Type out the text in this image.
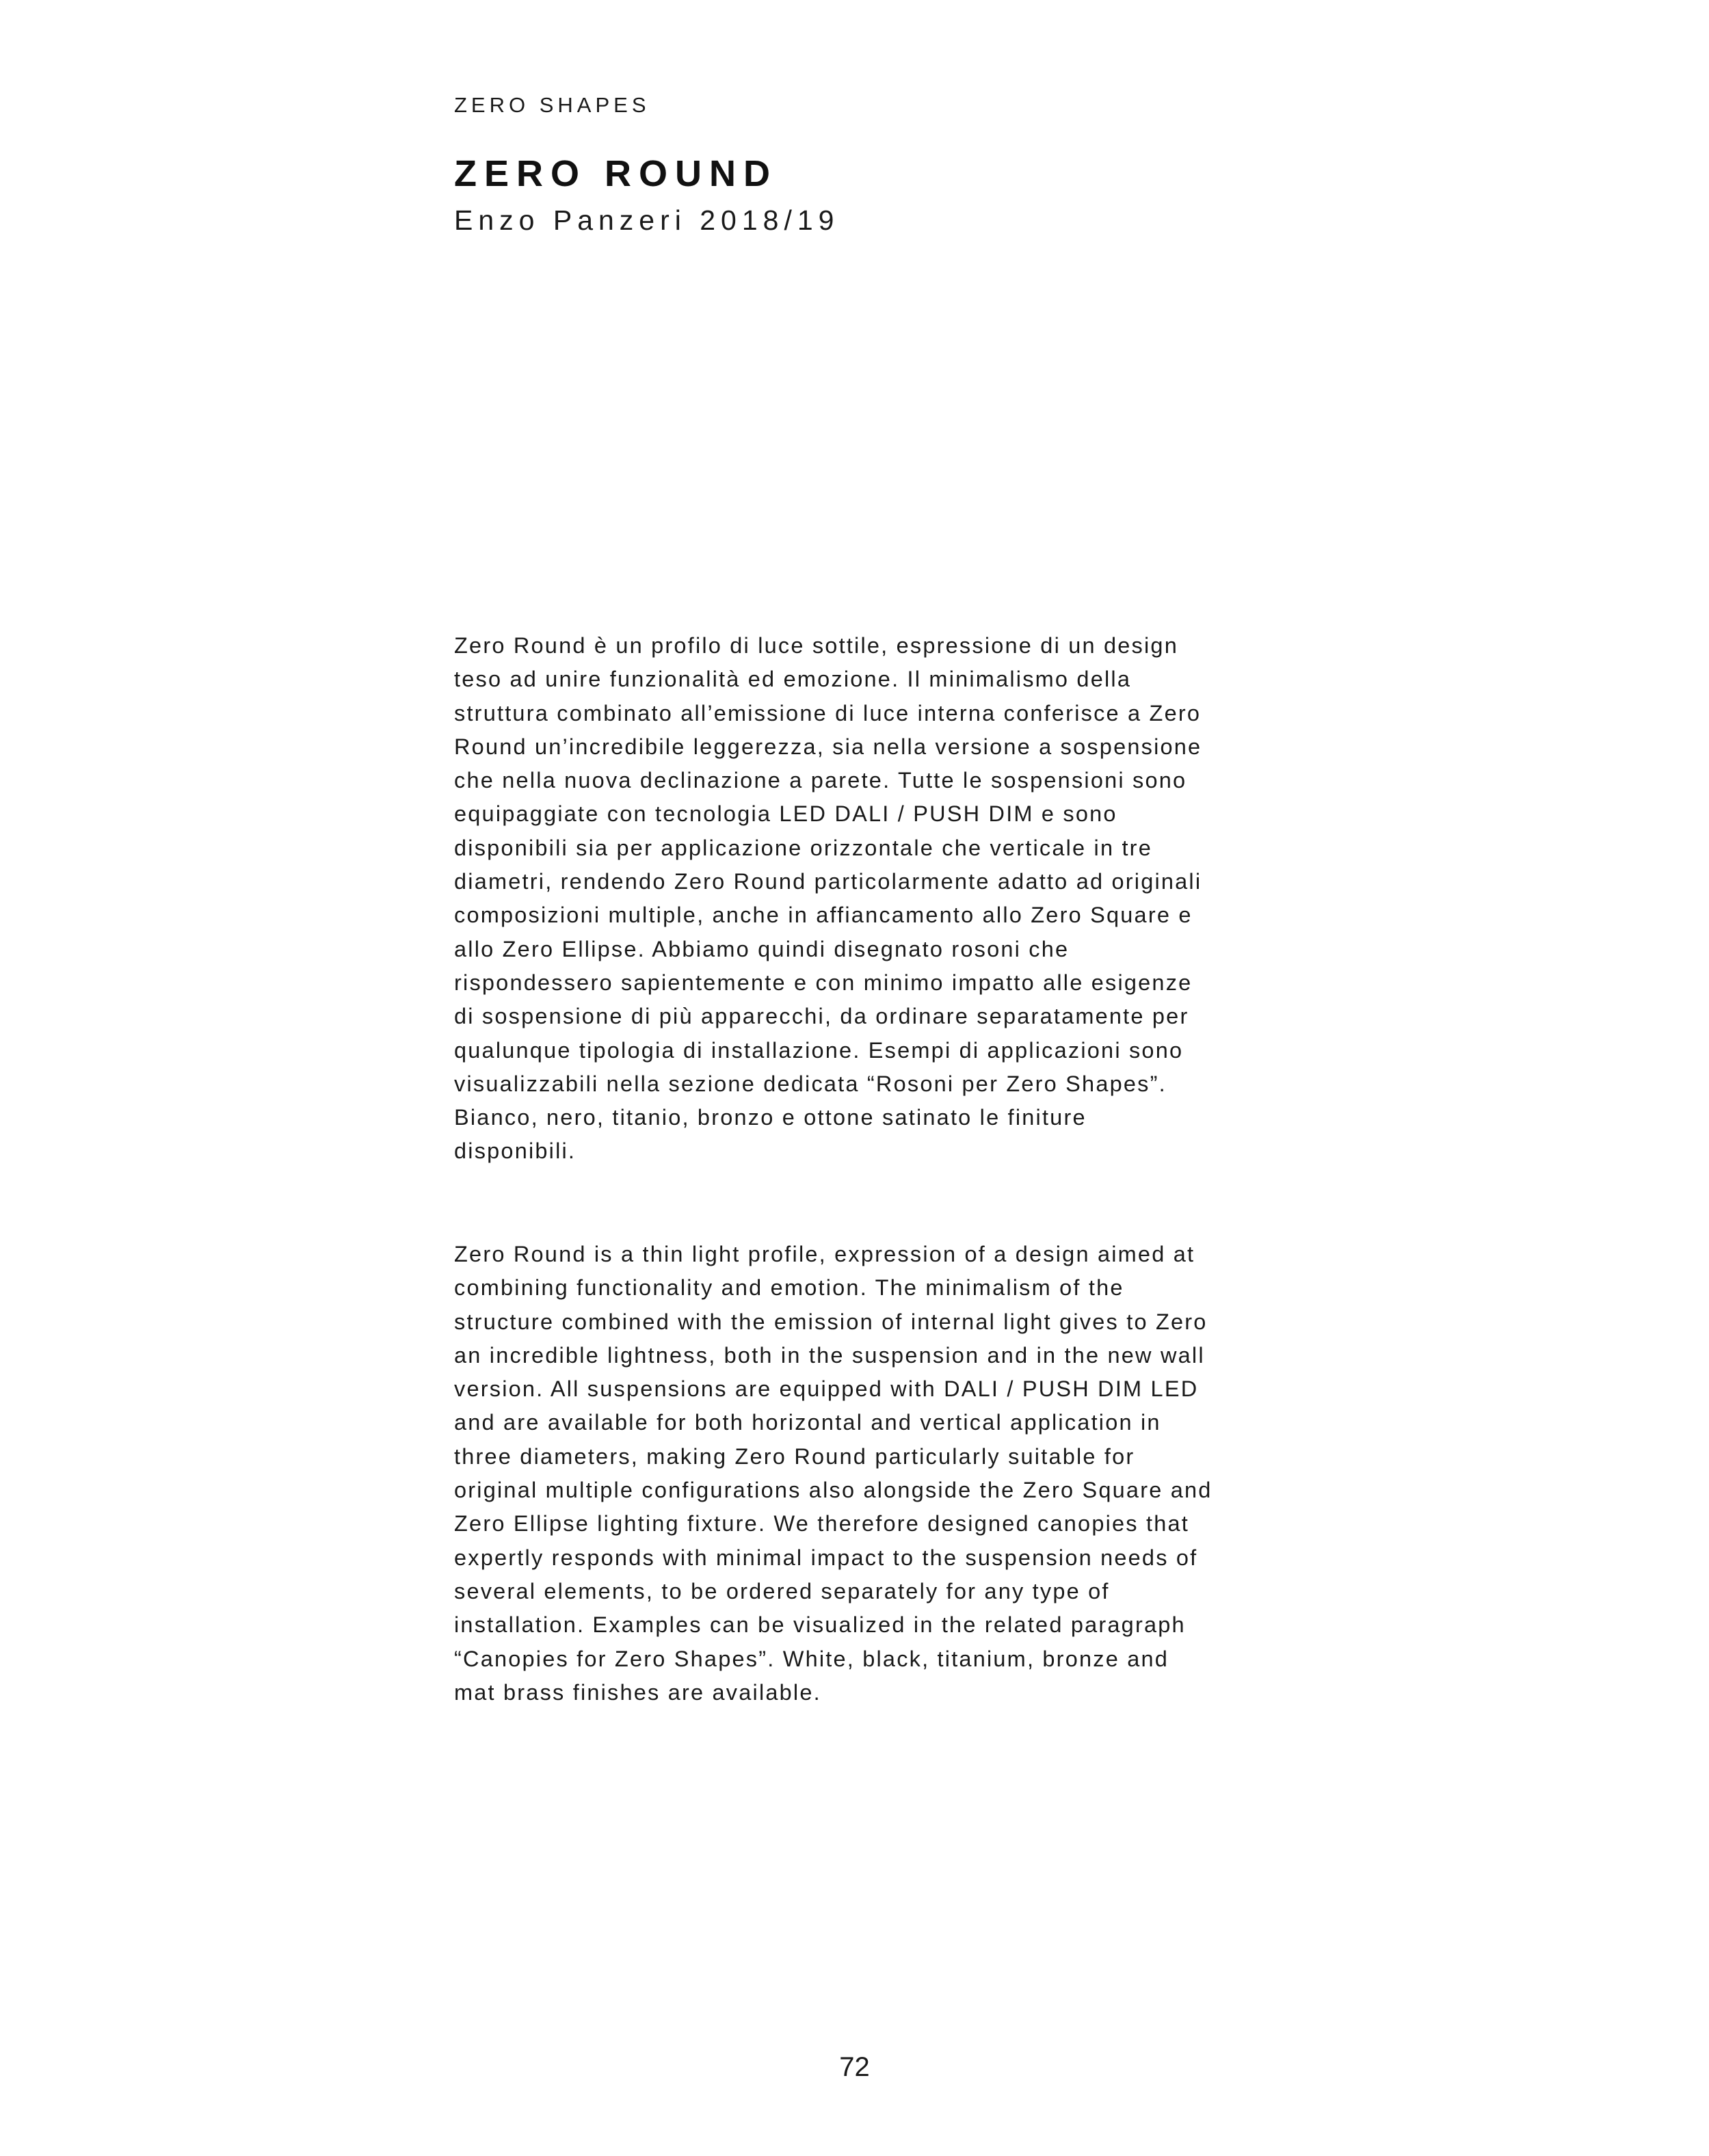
ZERO SHAPES

ZERO ROUND

Enzo Panzeri 2018/19

Zero Round è un profilo di luce sottile, espressione di un design
teso ad unire funzionalità ed emozione. Il minimalismo della
struttura combinato all’emissione di luce interna conferisce a Zero
Round un’incredibile leggerezza, sia nella versione a sospensione
che nella nuova declinazione a parete. Tutte le sospensioni sono
equipaggiate con tecnologia LED DALI / PUSH DIM e sono
disponibili sia per applicazione orizzontale che verticale in tre
diametri, rendendo Zero Round particolarmente adatto ad originali
composizioni multiple, anche in affiancamento allo Zero Square e
allo Zero Ellipse. Abbiamo quindi disegnato rosoni che
rispondessero sapientemente e con minimo impatto alle esigenze
di sospensione di più apparecchi, da ordinare separatamente per
qualunque tipologia di installazione. Esempi di applicazioni sono
visualizzabili nella sezione dedicata “Rosoni per Zero Shapes”.
Bianco, nero, titanio, bronzo e ottone satinato le finiture
disponibili.

Zero Round is a thin light profile, expression of a design aimed at
combining functionality and emotion. The minimalism of the
structure combined with the emission of internal light gives to Zero
an incredible lightness, both in the suspension and in the new wall
version. All suspensions are equipped with DALI / PUSH DIM LED
and are available for both horizontal and vertical application in
three diameters, making Zero Round particularly suitable for
original multiple configurations also alongside the Zero Square and
Zero Ellipse lighting fixture. We therefore designed canopies that
expertly responds with minimal impact to the suspension needs of
several elements, to be ordered separately for any type of
installation. Examples can be visualized in the related paragraph
“Canopies for Zero Shapes”. White, black, titanium, bronze and
mat brass finishes are available.

72
